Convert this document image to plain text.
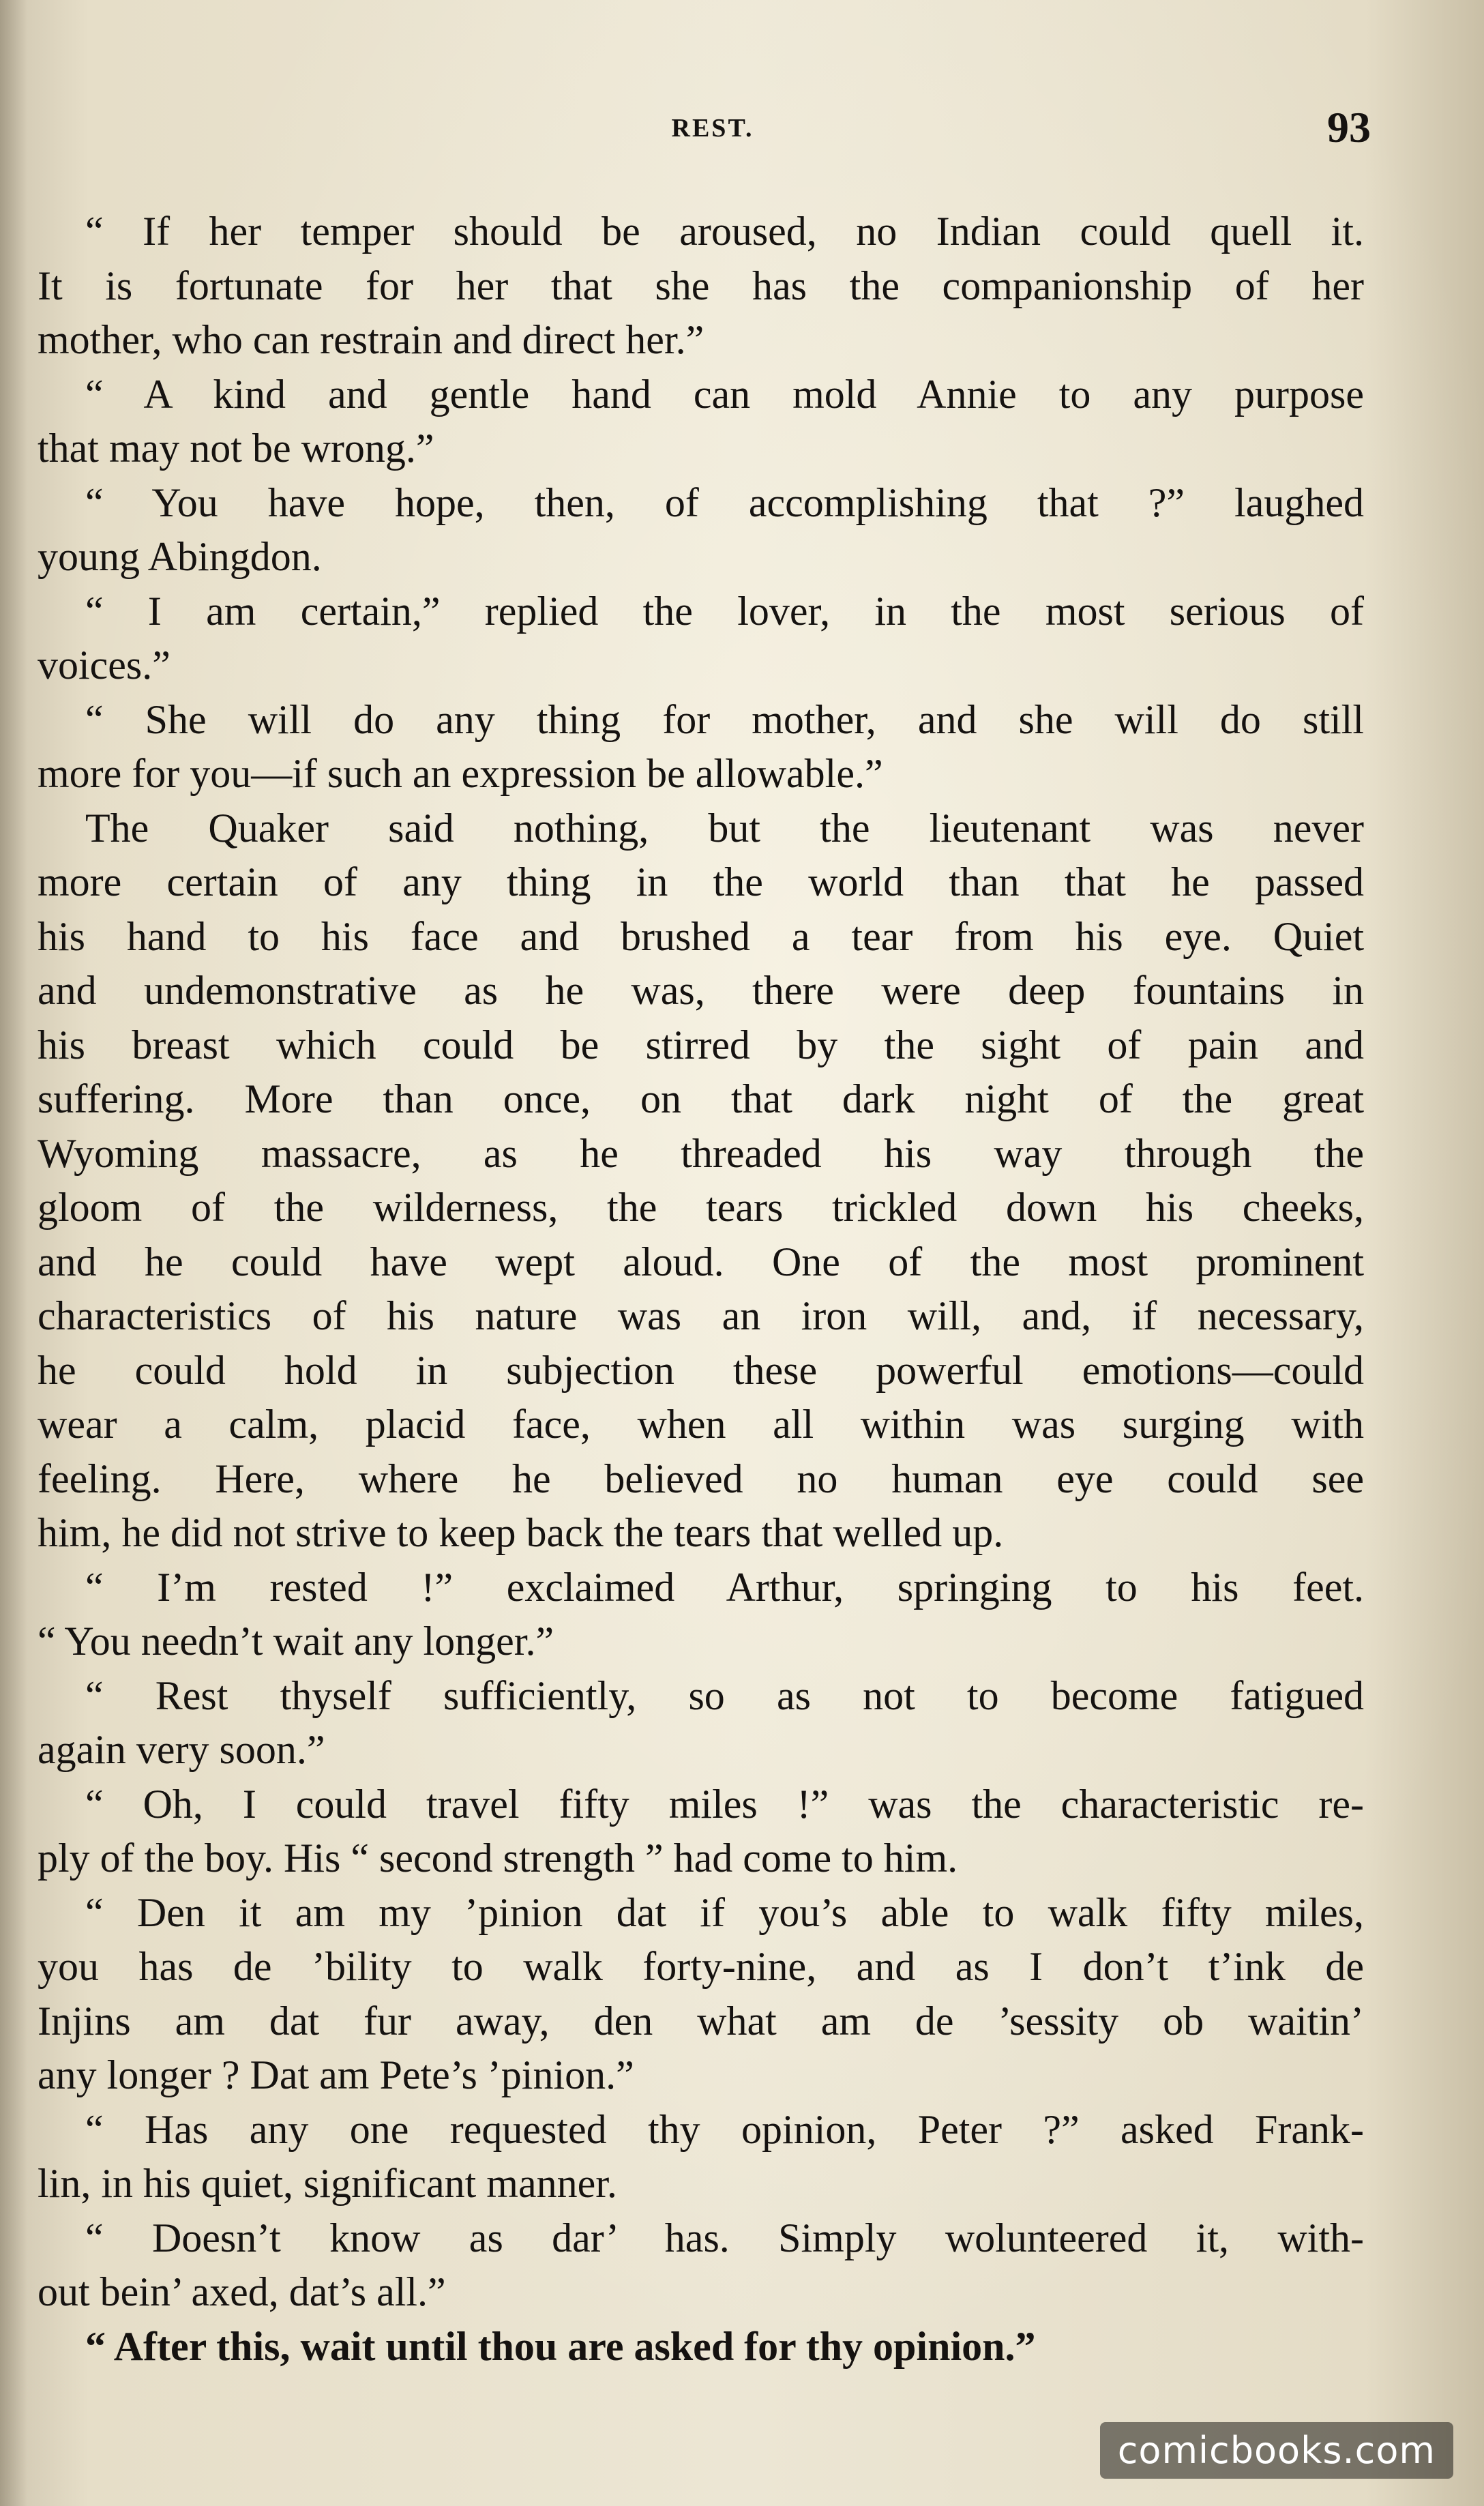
REST.	93
“ If her temper should be aroused, no Indian could quell it.
It is fortunate for her that she has the companionship of her
mother, who can restrain and direct her.”
“ A kind and gentle hand can mold Annie to any purpose
that may not be wrong.”
“ You have hope, then, of accomplishing that ?” laughed
young Abingdon.
“ I am certain,” replied the lover, in the most serious of
voices.”
“ She will do any thing for mother, and she will do still
more for you—if such an expression be allowable.”
The Quaker said nothing, but the lieutenant was never
more certain of any thing in the world than that he passed
his hand to his face and brushed a tear from his eye. Quiet
and undemonstrative as he was, there were deep fountains in
his breast which could be stirred by the sight of pain and
suffering. More than once, on that dark night of the great
Wyoming massacre, as he threaded his way through the
gloom of the wilderness, the tears trickled down his cheeks,
and he could have wept aloud. One of the most prominent
characteristics of his nature was an iron will, and, if necessary,
he could hold in subjection these powerful emotions—could
wear a calm, placid face, when all within was surging with
feeling. Here, where he believed no human eye could see
him, he did not strive to keep back the tears that welled up.
“ I’m rested !” exclaimed Arthur, springing to his feet.
“ You needn’t wait any longer.”
“ Rest thyself sufficiently, so as not to become fatigued
again very soon.”
“ Oh, I could travel fifty miles !” was the characteristic re-
ply of the boy. His “ second strength ” had come to him.
“ Den it am my ’pinion dat if you’s able to walk fifty miles,
you has de ’bility to walk forty-nine, and as I don’t t’ink de
Injins am dat fur away, den what am de ’sessity ob waitin’
any longer ? Dat am Pete’s ’pinion.”
“ Has any one requested thy opinion, Peter ?” asked Frank-
lin, in his quiet, significant manner.
“ Doesn’t know as dar’ has. Simply wolunteered it, with-
out bein’ axed, dat’s all.”
“ After this, wait until thou are asked for thy opinion.”
comicbooks.com
